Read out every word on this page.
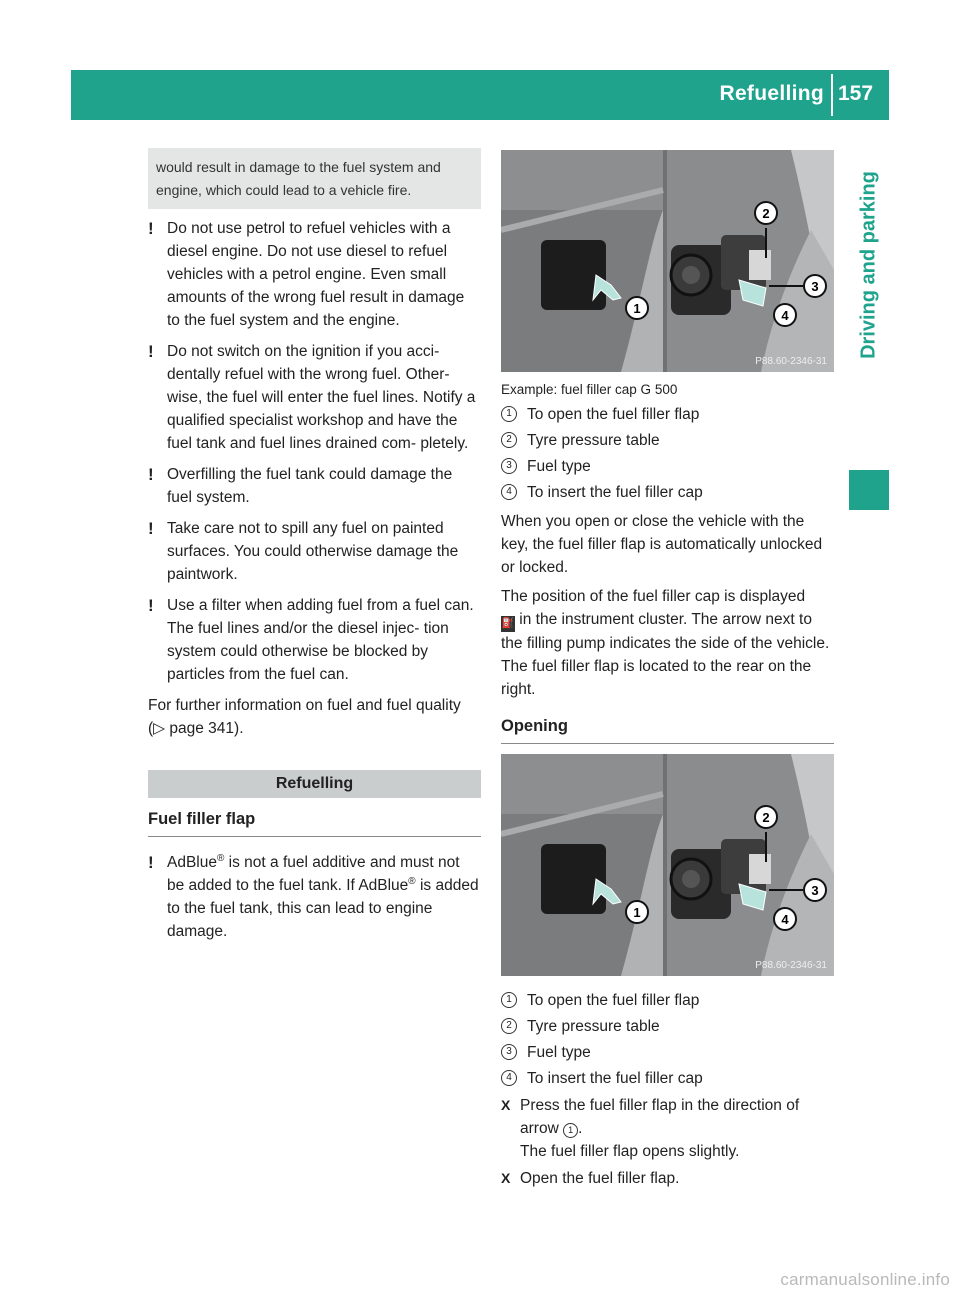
Refuelling 157
Driving and parking
would result in damage to the fuel system and engine, which could lead to a vehicle fire.
! Do not use petrol to refuel vehicles with a diesel engine. Do not use diesel to refuel vehicles with a petrol engine. Even small amounts of the wrong fuel result in damage to the fuel system and the engine.
! Do not switch on the ignition if you acci- dentally refuel with the wrong fuel. Other- wise, the fuel will enter the fuel lines. Notify a qualified specialist workshop and have the fuel tank and fuel lines drained com- pletely.
! Overfilling the fuel tank could damage the fuel system.
! Take care not to spill any fuel on painted surfaces. You could otherwise damage the paintwork.
! Use a filter when adding fuel from a fuel can. The fuel lines and/or the diesel injec- tion system could otherwise be blocked by particles from the fuel can.
For further information on fuel and fuel quality (▷ page 341).
Refuelling
Fuel filler flap
! AdBlue® is not a fuel additive and must not be added to the fuel tank. If AdBlue® is added to the fuel tank, this can lead to engine damage.
1
2
3
4
P88.60-2346-31
Example: fuel filler cap G 500
1 To open the fuel filler flap
2 Tyre pressure table
3 Fuel type
4 To insert the fuel filler cap
When you open or close the vehicle with the key, the fuel filler flap is automatically unlocked or locked.
The position of the fuel filler cap is displayed
⛽ in the instrument cluster. The arrow next to the filling pump indicates the side of the vehicle. The fuel filler flap is located to the rear on the right.
Opening
1
2
3
4
P88.60-2346-31
1 To open the fuel filler flap
2 Tyre pressure table
3 Fuel type
4 To insert the fuel filler cap
X Press the fuel filler flap in the direction of arrow 1 .
The fuel filler flap opens slightly.
X Open the fuel filler flap.
carmanualsonline.info
